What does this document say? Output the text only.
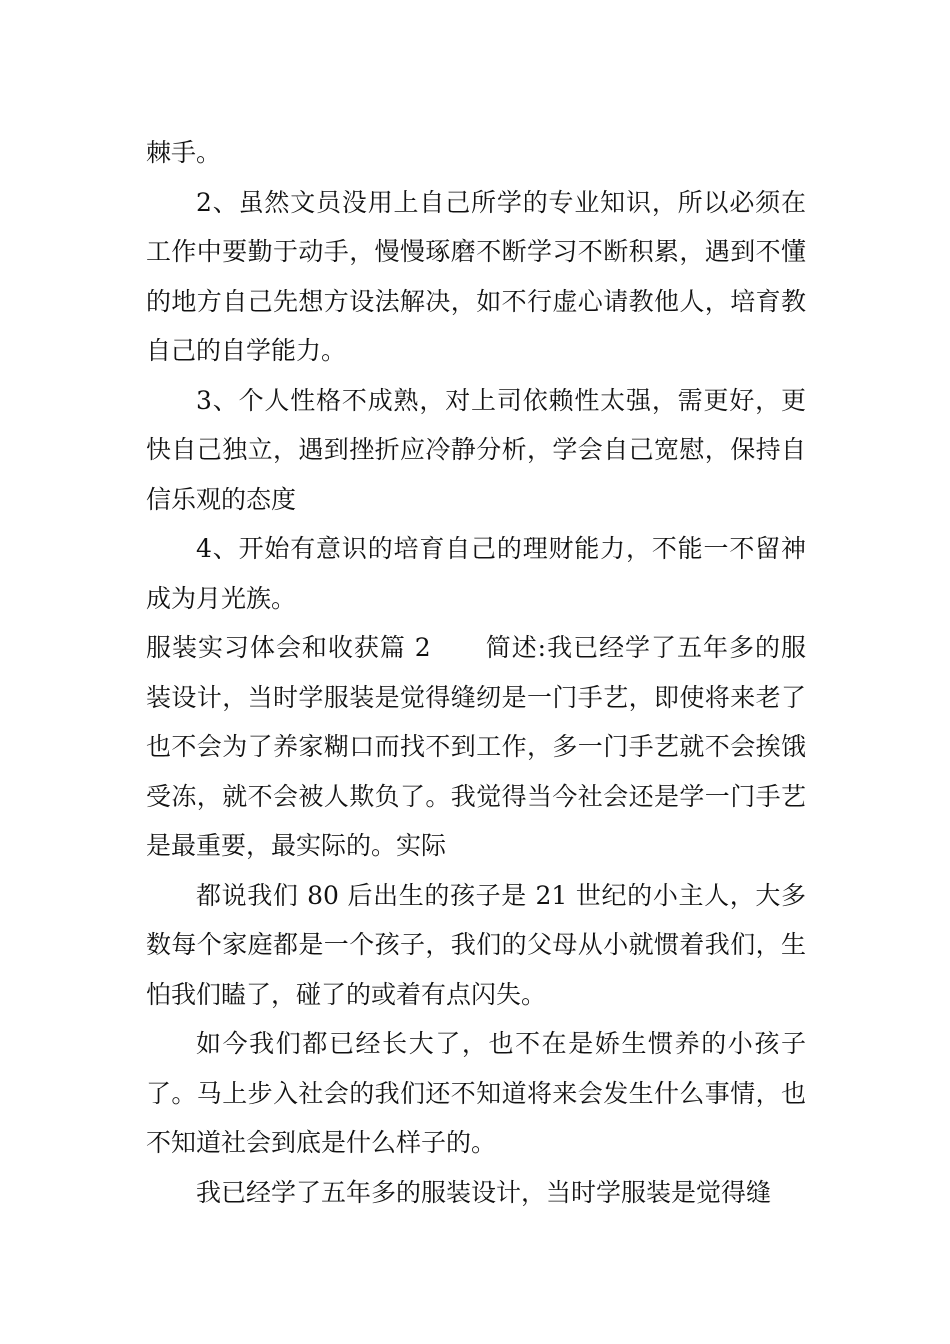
棘手。

2、虽然文员没用上自己所学的专业知识，所以必须在工作中要勤于动手，慢慢琢磨不断学习不断积累，遇到不懂的地方自己先想方设法解决，如不行虚心请教他人，培育教自己的自学能力。

3、个人性格不成熟，对上司依赖性太强，需更好，更快自己独立，遇到挫折应冷静分析，学会自己宽慰，保持自信乐观的态度

4、开始有意识的培育自己的理财能力，不能一不留神成为月光族。

服装实习体会和收获篇 2 简述:我已经学了五年多的服装设计，当时学服装是觉得缝纫是一门手艺，即使将来老了也不会为了养家糊口而找不到工作，多一门手艺就不会挨饿受冻，就不会被人欺负了。我觉得当今社会还是学一门手艺是最重要，最实际的。实际

都说我们 80 后出生的孩子是 21 世纪的小主人，大多数每个家庭都是一个孩子，我们的父母从小就惯着我们，生怕我们瞌了，碰了的或着有点闪失。

如今我们都已经长大了，也不在是娇生惯养的小孩子了。马上步入社会的我们还不知道将来会发生什么事情，也不知道社会到底是什么样子的。

我已经学了五年多的服装设计，当时学服装是觉得缝
